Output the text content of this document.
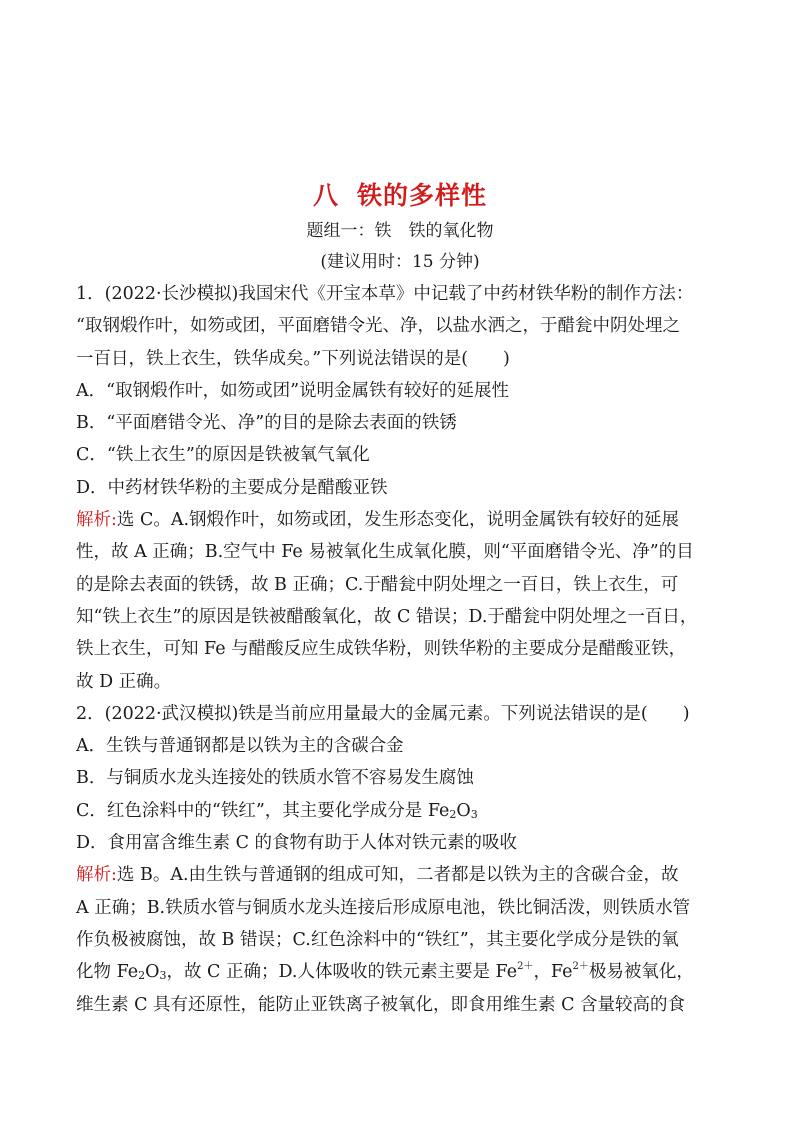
八 铁的多样性
题组一：铁　铁的氧化物
(建议用时：15 分钟)
1．(2022·长沙模拟)我国宋代《开宝本草》中记载了中药材铁华粉的制作方法：
“取钢煅作叶，如笏或团，平面磨错令光、净，以盐水洒之，于醋瓮中阴处埋之
一百日，铁上衣生，铁华成矣。”下列说法错误的是(　　)
A．“取钢煅作叶，如笏或团”说明金属铁有较好的延展性
B．“平面磨错令光、净”的目的是除去表面的铁锈
C．“铁上衣生”的原因是铁被氧气氧化
D．中药材铁华粉的主要成分是醋酸亚铁
解析:选 C。A.钢煅作叶，如笏或团，发生形态变化，说明金属铁有较好的延展
性，故 A 正确；B.空气中 Fe 易被氧化生成氧化膜，则“平面磨错令光、净”的目
的是除去表面的铁锈，故 B 正确；C.于醋瓮中阴处埋之一百日，铁上衣生，可
知“铁上衣生”的原因是铁被醋酸氧化，故 C 错误；D.于醋瓮中阴处埋之一百日，
铁上衣生，可知 Fe 与醋酸反应生成铁华粉，则铁华粉的主要成分是醋酸亚铁，
故 D 正确。
2．(2022·武汉模拟)铁是当前应用量最大的金属元素。下列说法错误的是(　　)
A．生铁与普通钢都是以铁为主的含碳合金
B．与铜质水龙头连接处的铁质水管不容易发生腐蚀
C．红色涂料中的“铁红”，其主要化学成分是 $Fe_2O_3$
D．食用富含维生素 C 的食物有助于人体对铁元素的吸收
解析:选 B。A.由生铁与普通钢的组成可知，二者都是以铁为主的含碳合金，故
A 正确；B.铁质水管与铜质水龙头连接后形成原电池，铁比铜活泼，则铁质水管
作负极被腐蚀，故 B 错误；C.红色涂料中的“铁红”，其主要化学成分是铁的氧
化物 $Fe_2O_3$，故 C 正确；D.人体吸收的铁元素主要是 $Fe^{2+}$，$Fe^{2+}$极易被氧化，
维生素 C 具有还原性，能防止亚铁离子被氧化，即食用维生素 C 含量较高的食
